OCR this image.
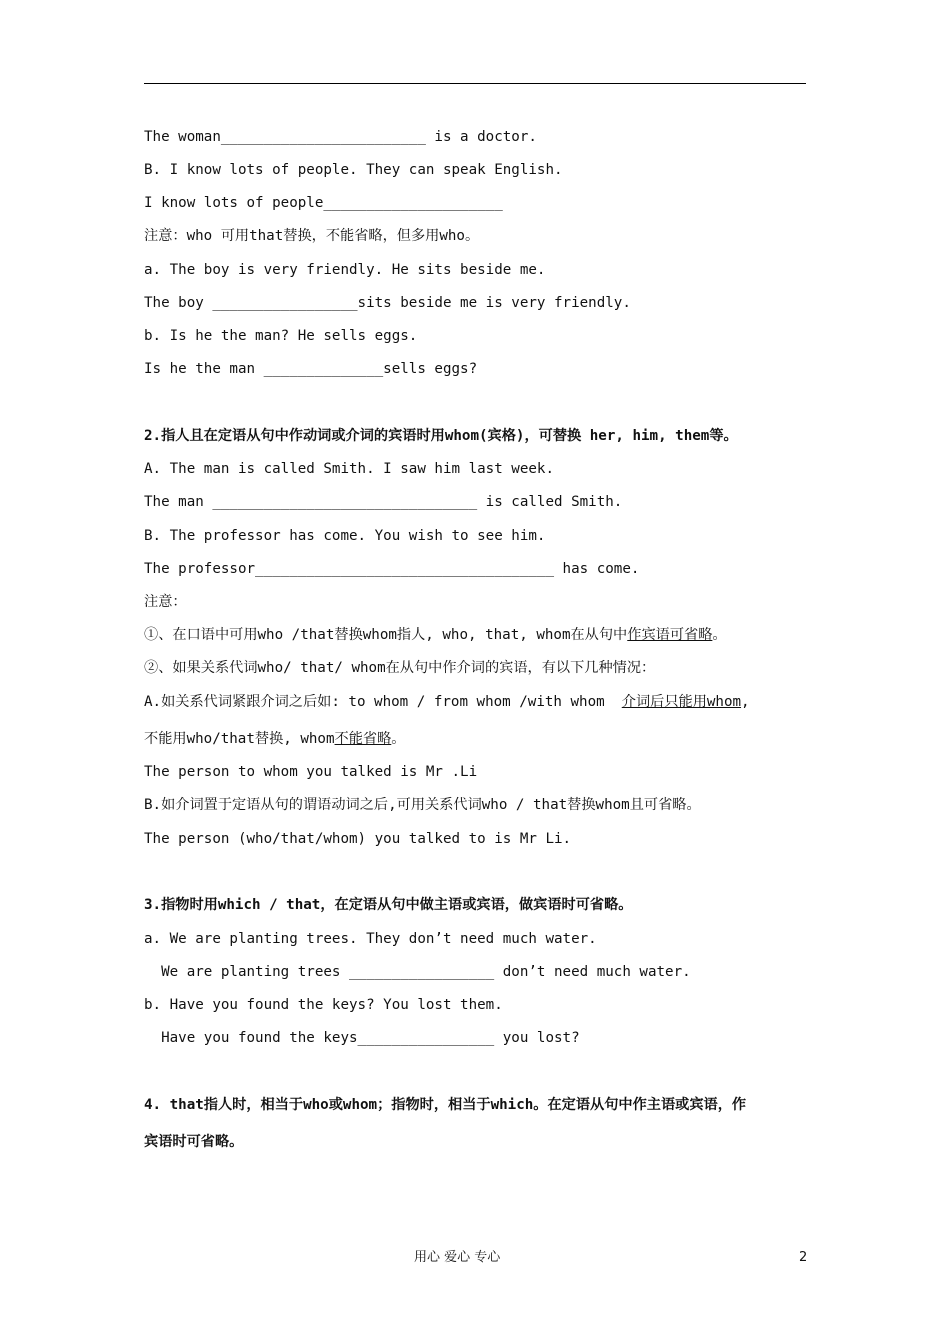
The woman________________________ is a doctor.
B. I know lots of people. They can speak English.
I know lots of people_____________________
注意：who 可用that替换，不能省略，但多用who。
a. The boy is very friendly. He sits beside me.
The boy _________________sits beside me is very friendly.
b. Is he the man? He sells eggs.
Is he the man ______________sells eggs?
2.指人且在定语从句中作动词或介词的宾语时用whom(宾格)，可替换 her, him, them等。
A. The man is called Smith. I saw him last week.
The man _______________________________ is called Smith.
B. The professor has come. You wish to see him.
The professor___________________________________ has come.
注意：
①、在口语中可用who /that替换whom指人, who, that, whom在从句中作宾语可省略。
②、如果关系代词who/ that/ whom在从句中作介词的宾语，有以下几种情况：
A.如关系代词紧跟介词之后如: to whom / from whom /with whom  介词后只能用whom,
不能用who/that替换, whom不能省略。
The person to whom you talked is Mr .Li
B.如介词置于定语从句的谓语动词之后,可用关系代词who / that替换whom且可省略。
The person (who/that/whom) you talked to is Mr Li.
3.指物时用which / that，在定语从句中做主语或宾语，做宾语时可省略。
a. We are planting trees. They don’t need much water.
We are planting trees _________________ don’t need much water.
b. Have you found the keys? You lost them.
Have you found the keys________________ you lost?
4. that指人时，相当于who或whom；指物时，相当于which。在定语从句中作主语或宾语，作
宾语时可省略。
用心 爱心 专心	2
